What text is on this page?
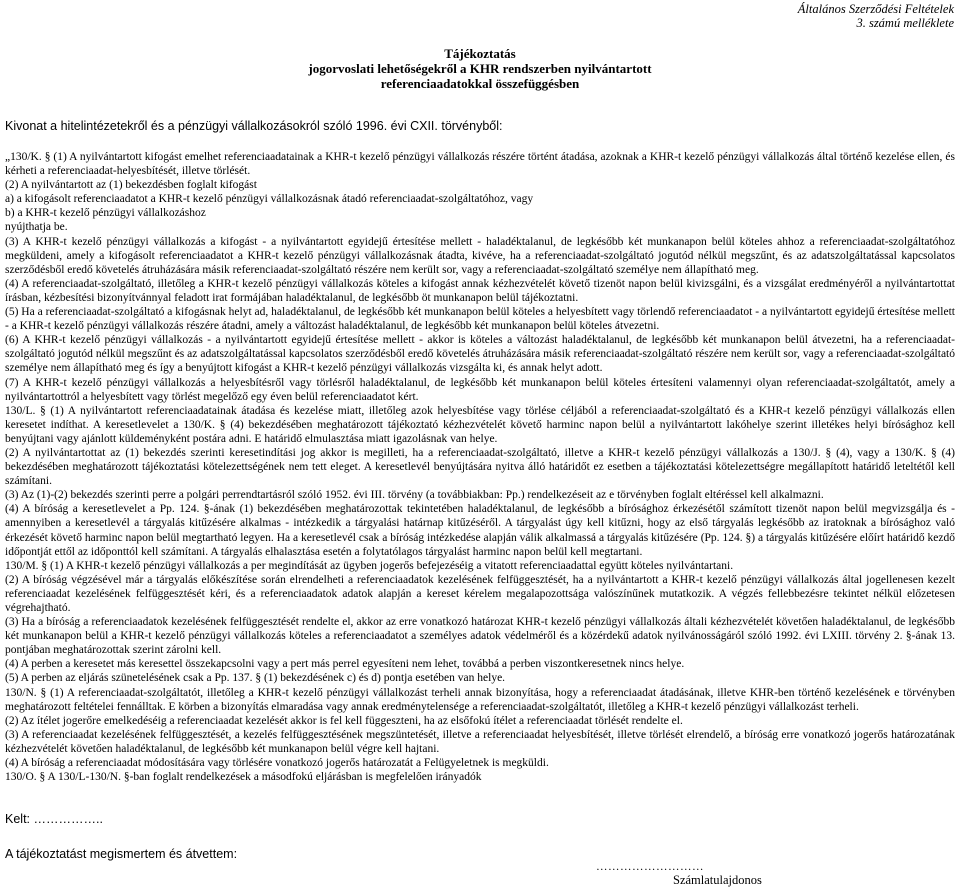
Általános Szerződési Feltételek
3. számú melléklete
Tájékoztatás
jogorvoslati lehetőségekről a KHR rendszerben nyilvántartott
referenciaadatokkal összefüggésben
Kivonat a hitelintézetekről és a pénzügyi vállalkozásokról szóló 1996. évi CXII. törvényből:

„130/K. § (1) A nyilvántartott kifogást emelhet referenciaadatainak a KHR-t kezelő pénzügyi vállalkozás részére történt átadása, azoknak a KHR-t kezelő pénzügyi vállalkozás által történő kezelése ellen, és kérheti a referenciaadat-helyesbítését, illetve törlését.

(2) A nyilvántartott az (1) bekezdésben foglalt kifogást

a) a kifogásolt referenciaadatot a KHR-t kezelő pénzügyi vállalkozásnak átadó referenciaadat-szolgáltatóhoz, vagy

b) a KHR-t kezelő pénzügyi vállalkozáshoz

nyújthatja be.

(3) A KHR-t kezelő pénzügyi vállalkozás a kifogást - a nyilvántartott egyidejű értesítése mellett - haladéktalanul, de legkésőbb két munkanapon belül köteles ahhoz a referenciaadat-szolgáltatóhoz megküldeni, amely a kifogásolt referenciaadatot a KHR-t kezelő pénzügyi vállalkozásnak átadta, kivéve, ha a referenciaadat-szolgáltató jogutód nélkül megszűnt, és az adatszolgáltatással kapcsolatos szerződésből eredő követelés átruházására másik referenciaadat-szolgáltató részére nem került sor, vagy a referenciaadat-szolgáltató személye nem állapítható meg.

(4) A referenciaadat-szolgáltató, illetőleg a KHR-t kezelő pénzügyi vállalkozás köteles a kifogást annak kézhezvételét követő tizenöt napon belül kivizsgálni, és a vizsgálat eredményéről a nyilvántartottat írásban, kézbesítési bizonyítvánnyal feladott irat formájában haladéktalanul, de legkésőbb öt munkanapon belül tájékoztatni.

(5) Ha a referenciaadat-szolgáltató a kifogásnak helyt ad, haladéktalanul, de legkésőbb két munkanapon belül köteles a helyesbített vagy törlendő referenciaadatot - a nyilvántartott egyidejű értesítése mellett - a KHR-t kezelő pénzügyi vállalkozás részére átadni, amely a változást haladéktalanul, de legkésőbb két munkanapon belül köteles átvezetni.

(6) A KHR-t kezelő pénzügyi vállalkozás - a nyilvántartott egyidejű értesítése mellett - akkor is köteles a változást haladéktalanul, de legkésőbb két munkanapon belül átvezetni, ha a referenciaadat-szolgáltató jogutód nélkül megszűnt és az adatszolgáltatással kapcsolatos szerződésből eredő követelés átruházására másik referenciaadat-szolgáltató részére nem került sor, vagy a referenciaadat-szolgáltató személye nem állapítható meg és így a benyújtott kifogást a KHR-t kezelő pénzügyi vállalkozás vizsgálta ki, és annak helyt adott.

(7) A KHR-t kezelő pénzügyi vállalkozás a helyesbítésről vagy törlésről haladéktalanul, de legkésőbb két munkanapon belül köteles értesíteni valamennyi olyan referenciaadat-szolgáltatót, amely a nyilvántartottról a helyesbített vagy törlést megelőző egy éven belül referenciaadatot kért.

130/L. § (1) A nyilvántartott referenciaadatainak átadása és kezelése miatt, illetőleg azok helyesbítése vagy törlése céljából a referenciaadat-szolgáltató és a KHR-t kezelő pénzügyi vállalkozás ellen keresetet indíthat. A keresetlevelet a 130/K. § (4) bekezdésében meghatározott tájékoztató kézhezvételét követő harminc napon belül a nyilvántartott lakóhelye szerint illetékes helyi bírósághoz kell benyújtani vagy ajánlott küldeményként postára adni. E határidő elmulasztása miatt igazolásnak van helye.

(2) A nyilvántartottat az (1) bekezdés szerinti keresetindítási jog akkor is megilleti, ha a referenciaadat-szolgáltató, illetve a KHR-t kezelő pénzügyi vállalkozás a 130/J. § (4), vagy a 130/K. § (4) bekezdésében meghatározott tájékoztatási kötelezettségének nem tett eleget. A keresetlevél benyújtására nyitva álló határidőt ez esetben a tájékoztatási kötelezettségre megállapított határidő leteltétől kell számítani.

(3) Az (1)-(2) bekezdés szerinti perre a polgári perrendtartásról szóló 1952. évi III. törvény (a továbbiakban: Pp.) rendelkezéseit az e törvényben foglalt eltéréssel kell alkalmazni.

(4) A bíróság a keresetlevelet a Pp. 124. §-ának (1) bekezdésében meghatározottak tekintetében haladéktalanul, de legkésőbb a bírósághoz érkezésétől számított tizenöt napon belül megvizsgálja és - amennyiben a keresetlevél a tárgyalás kitűzésére alkalmas - intézkedik a tárgyalási határnap kitűzéséről. A tárgyalást úgy kell kitűzni, hogy az első tárgyalás legkésőbb az iratoknak a bírósághoz való érkezését követő harminc napon belül megtartható legyen. Ha a keresetlevél csak a bíróság intézkedése alapján válik alkalmassá a tárgyalás kitűzésére (Pp. 124. §) a tárgyalás kitűzésére előírt határidő kezdő időpontját ettől az időponttól kell számítani. A tárgyalás elhalasztása esetén a folytatólagos tárgyalást harminc napon belül kell megtartani.

130/M. § (1) A KHR-t kezelő pénzügyi vállalkozás a per megindítását az ügyben jogerős befejezéséig a vitatott referenciaadattal együtt köteles nyilvántartani.

(2) A bíróság végzésével már a tárgyalás előkészítése során elrendelheti a referenciaadatok kezelésének felfüggesztését, ha a nyilvántartott a KHR-t kezelő pénzügyi vállalkozás által jogellenesen kezelt referenciaadat kezelésének felfüggesztését kéri, és a referenciaadatok adatok alapján a kereset kérelem megalapozottsága valószínűnek mutatkozik. A végzés fellebbezésre tekintet nélkül előzetesen végrehajtható.

(3) Ha a bíróság a referenciaadatok kezelésének felfüggesztését rendelte el, akkor az erre vonatkozó határozat KHR-t kezelő pénzügyi vállalkozás általi kézhezvételét követően haladéktalanul, de legkésőbb két munkanapon belül a KHR-t kezelő pénzügyi vállalkozás köteles a referenciaadatot a személyes adatok védelméről és a közérdekű adatok nyilvánosságáról szóló 1992. évi LXIII. törvény 2. §-ának 13. pontjában meghatározottak szerint zárolni kell.

(4) A perben a keresetet más keresettel összekapcsolni vagy a pert más perrel egyesíteni nem lehet, továbbá a perben viszontkeresetnek nincs helye.

(5) A perben az eljárás szünetelésének csak a Pp. 137. § (1) bekezdésének c) és d) pontja esetében van helye.

130/N. § (1) A referenciaadat-szolgáltatót, illetőleg a KHR-t kezelő pénzügyi vállalkozást terheli annak bizonyítása, hogy a referenciaadat átadásának, illetve KHR-ben történő kezelésének e törvényben meghatározott feltételei fennálltak. E körben a bizonyítás elmaradása vagy annak eredménytelensége a referenciaadat-szolgáltatót, illetőleg a KHR-t kezelő pénzügyi vállalkozást terheli.

(2) Az ítélet jogerőre emelkedéséig a referenciaadat kezelését akkor is fel kell függeszteni, ha az elsőfokú ítélet a referenciaadat törlését rendelte el.

(3) A referenciaadat kezelésének felfüggesztését, a kezelés felfüggesztésének megszüntetését, illetve a referenciaadat helyesbítését, illetve törlését elrendelő, a bíróság erre vonatkozó jogerős határozatának kézhezvételét követően haladéktalanul, de legkésőbb két munkanapon belül végre kell hajtani.

(4) A bíróság a referenciaadat módosítására vagy törlésére vonatkozó jogerős határozatát a Felügyeletnek is megküldi.

130/O. § A 130/L-130/N. §-ban foglalt rendelkezések a másodfokú eljárásban is megfelelően irányadók

Kelt: ……………..
A tájékoztatást megismertem és átvettem:
………………………
Számlatulajdonos
